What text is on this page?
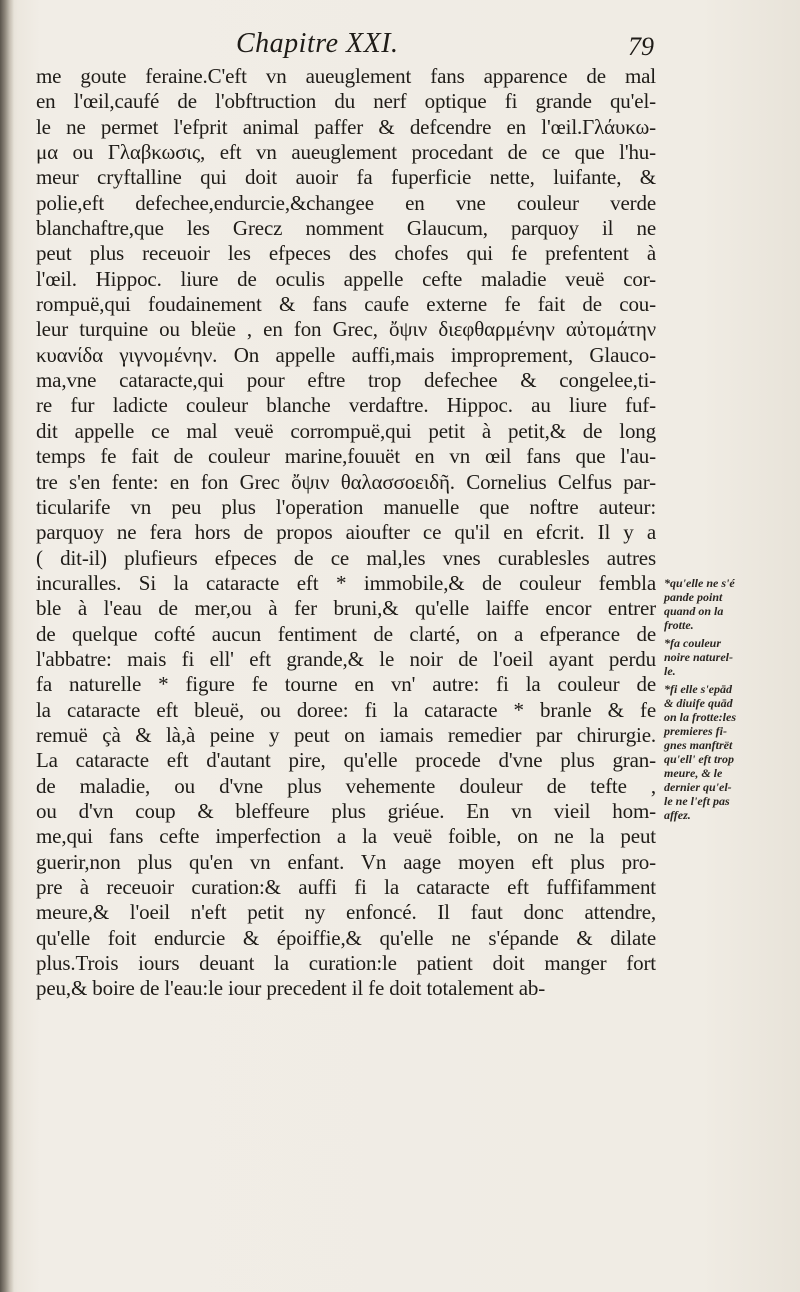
Chapitre XXI.	79
me goute feraine.C'eft vn aueuglement fans apparence de mal
en l'œil,caufé de l'obftruction du nerf optique fi grande qu'el-
le ne permet l'efprit animal paffer & defcendre en l'œil.Γλάυκω-
μα ou Γλαβκωσις, eft vn aueuglement procedant de ce que l'hu-
meur cryftalline qui doit auoir fa fuperficie nette, luifante, &
polie,eft defechee,endurcie,&changee en vne couleur verde
blanchaftre,que les Grecz nomment Glaucum, parquoy il ne
peut plus receuoir les efpeces des chofes qui fe prefentent à
l'œil. Hippoc. liure de oculis appelle cefte maladie veuë cor-
rompuë,qui foudainement & fans caufe externe fe fait de cou-
leur turquine ou bleüe , en fon Grec, ὄψιν διεφθαρμένην αὐτομάτην
κυανίδα γιγνομένην. On appelle auffi,mais improprement, Glauco-
ma,vne cataracte,qui pour eftre trop defechee & congelee,ti-
re fur ladicte couleur blanche verdaftre. Hippoc. au liure fuf-
dit appelle ce mal veuë corrompuë,qui petit à petit,& de long
temps fe fait de couleur marine,fouuët en vn œil fans que l'au-
tre s'en fente: en fon Grec ὄψιν θαλασσοειδῆ. Cornelius Celfus par-
ticularife vn peu plus l'operation manuelle que noftre auteur:
parquoy ne fera hors de propos aioufter ce qu'il en efcrit. Il y a
( dit-il) plufieurs efpeces de ce mal,les vnes curablesles autres
incuralles. Si la cataracte eft * immobile,& de couleur fembla
ble à l'eau de mer,ou à fer bruni,& qu'elle laiffe encor entrer
de quelque cofté aucun fentiment de clarté, on a efperance de
l'abbatre: mais fi ell' eft grande,& le noir de l'oeil ayant perdu
fa naturelle * figure fe tourne en vn' autre: fi la couleur de
la cataracte eft bleuë, ou doree: fi la cataracte * branle & fe
remuë çà & là,à peine y peut on iamais remedier par chirurgie.
La cataracte eft d'autant pire, qu'elle procede d'vne plus gran-
de maladie, ou d'vne plus vehemente douleur de tefte ,
ou d'vn coup & bleffeure plus griéue. En vn vieil hom-
me,qui fans cefte imperfection a la veuë foible, on ne la peut
guerir,non plus qu'en vn enfant. Vn aage moyen eft plus pro-
pre à receuoir curation:& auffi fi la cataracte eft fuffifamment
meure,& l'oeil n'eft petit ny enfoncé. Il faut donc attendre,
qu'elle foit endurcie & époiffie,& qu'elle ne s'épande & dilate
plus.Trois iours deuant la curation:le patient doit manger fort
peu,& boire de l'eau:le iour precedent il fe doit totalement ab-
*qu'elle ne s'é
pande point
quand on la
frotte.
*fa couleur
noire naturel-
le.
*fi elle s'epād
& diuife quād
on la frotte:les
premieres fi-
gnes manftrët
qu'ell' eft trop
meure, & le
dernier qu'el-
le ne l'eft pas
affez.
